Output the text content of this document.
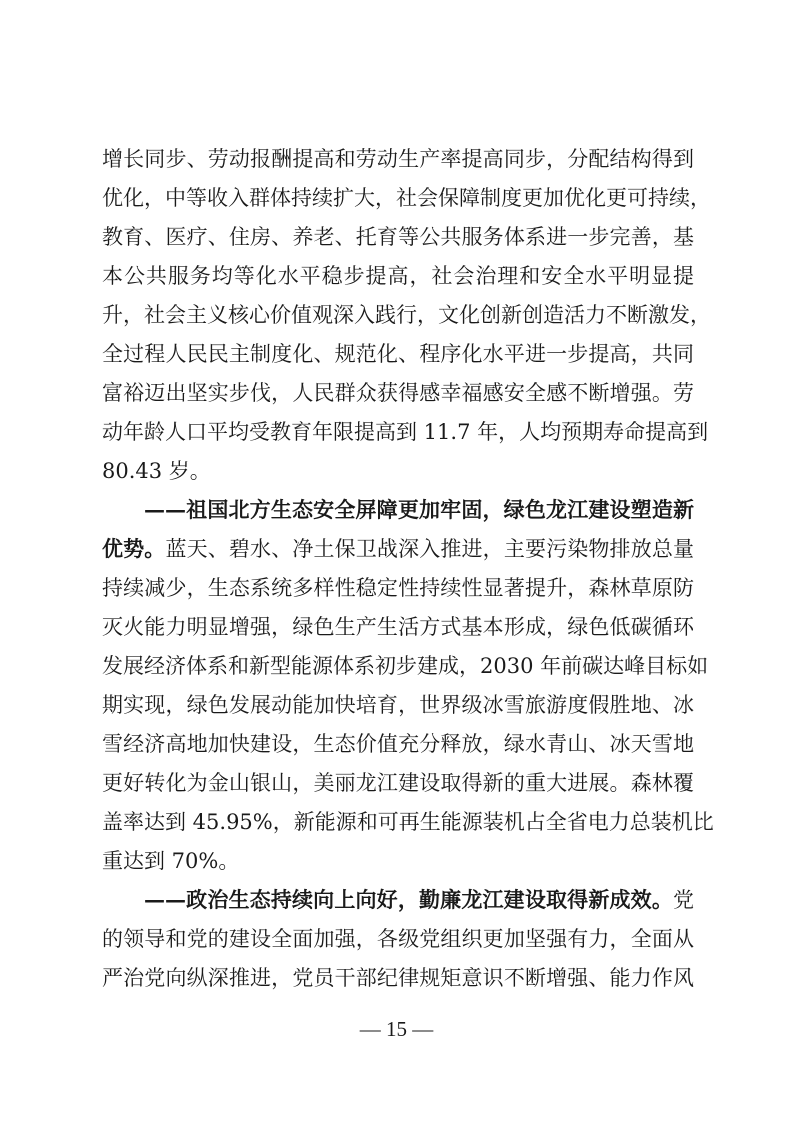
增长同步、劳动报酬提高和劳动生产率提高同步，分配结构得到
优化，中等收入群体持续扩大，社会保障制度更加优化更可持续，
教育、医疗、住房、养老、托育等公共服务体系进一步完善，基
本公共服务均等化水平稳步提高，社会治理和安全水平明显提
升，社会主义核心价值观深入践行，文化创新创造活力不断激发，
全过程人民民主制度化、规范化、程序化水平进一步提高，共同
富裕迈出坚实步伐，人民群众获得感幸福感安全感不断增强。劳
动年龄人口平均受教育年限提高到 11.7 年，人均预期寿命提高到
80.43 岁。
——祖国北方生态安全屏障更加牢固，绿色龙江建设塑造新
优势。蓝天、碧水、净土保卫战深入推进，主要污染物排放总量
持续减少，生态系统多样性稳定性持续性显著提升，森林草原防
灭火能力明显增强，绿色生产生活方式基本形成，绿色低碳循环
发展经济体系和新型能源体系初步建成，2030 年前碳达峰目标如
期实现，绿色发展动能加快培育，世界级冰雪旅游度假胜地、冰
雪经济高地加快建设，生态价值充分释放，绿水青山、冰天雪地
更好转化为金山银山，美丽龙江建设取得新的重大进展。森林覆
盖率达到 45.95%，新能源和可再生能源装机占全省电力总装机比
重达到 70%。
——政治生态持续向上向好，勤廉龙江建设取得新成效。党
的领导和党的建设全面加强，各级党组织更加坚强有力，全面从
严治党向纵深推进，党员干部纪律规矩意识不断增强、能力作风
— 15 —
